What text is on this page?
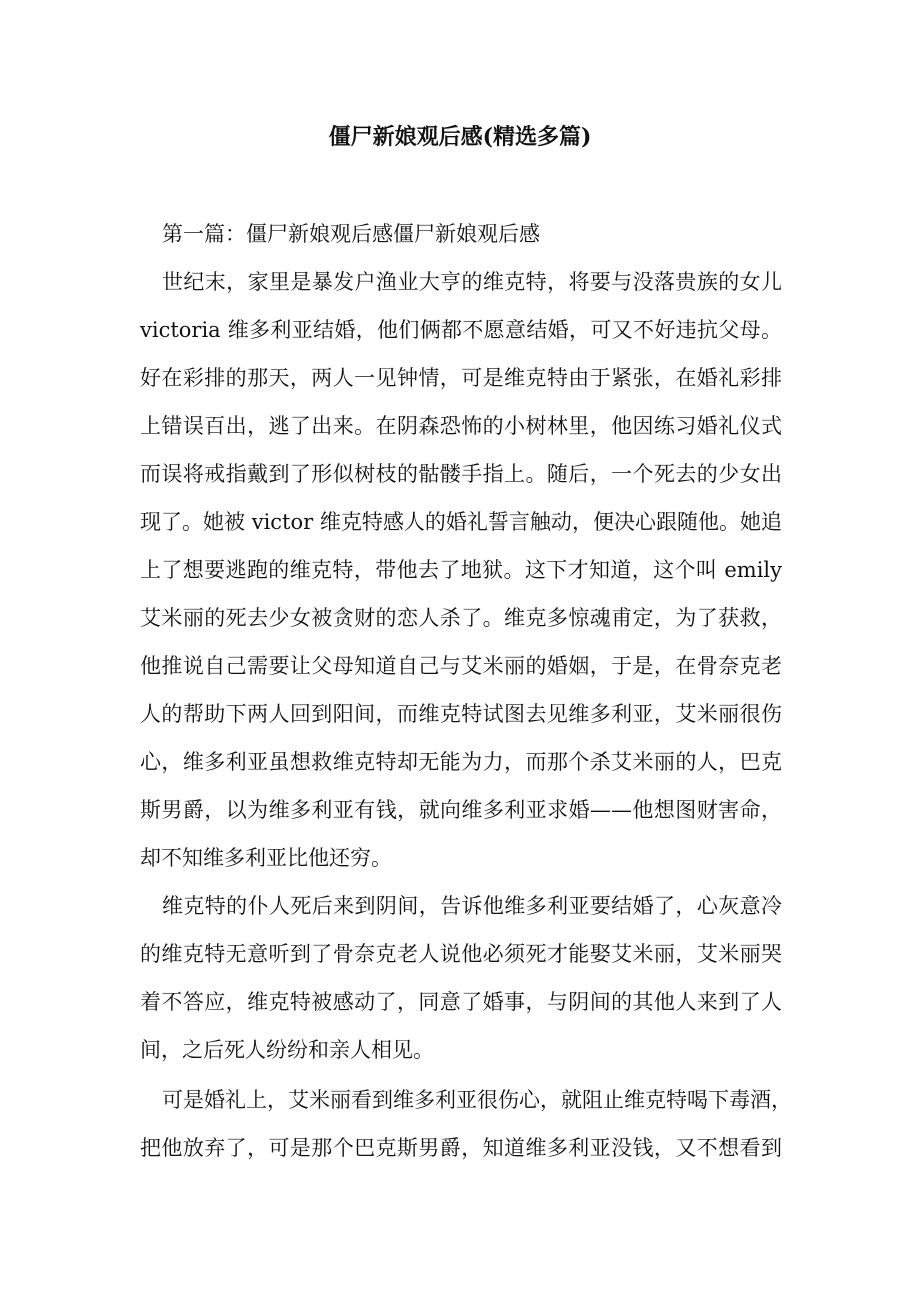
僵尸新娘观后感(精选多篇)
第一篇：僵尸新娘观后感僵尸新娘观后感
世纪末，家里是暴发户渔业大亨的维克特，将要与没落贵族的女儿
victoria 维多利亚结婚，他们俩都不愿意结婚，可又不好违抗父母。
好在彩排的那天，两人一见钟情，可是维克特由于紧张，在婚礼彩排
上错误百出，逃了出来。在阴森恐怖的小树林里，他因练习婚礼仪式
而误将戒指戴到了形似树枝的骷髅手指上。随后，一个死去的少女出
现了。她被 victor 维克特感人的婚礼誓言触动，便决心跟随他。她追
上了想要逃跑的维克特，带他去了地狱。这下才知道，这个叫 emily
艾米丽的死去少女被贪财的恋人杀了。维克多惊魂甫定，为了获救，
他推说自己需要让父母知道自己与艾米丽的婚姻，于是，在骨奈克老
人的帮助下两人回到阳间，而维克特试图去见维多利亚，艾米丽很伤
心，维多利亚虽想救维克特却无能为力，而那个杀艾米丽的人，巴克
斯男爵，以为维多利亚有钱，就向维多利亚求婚——他想图财害命，
却不知维多利亚比他还穷。
维克特的仆人死后来到阴间，告诉他维多利亚要结婚了，心灰意冷
的维克特无意听到了骨奈克老人说他必须死才能娶艾米丽，艾米丽哭
着不答应，维克特被感动了，同意了婚事，与阴间的其他人来到了人
间，之后死人纷纷和亲人相见。
可是婚礼上，艾米丽看到维多利亚很伤心，就阻止维克特喝下毒酒，
把他放弃了，可是那个巴克斯男爵，知道维多利亚没钱，又不想看到
